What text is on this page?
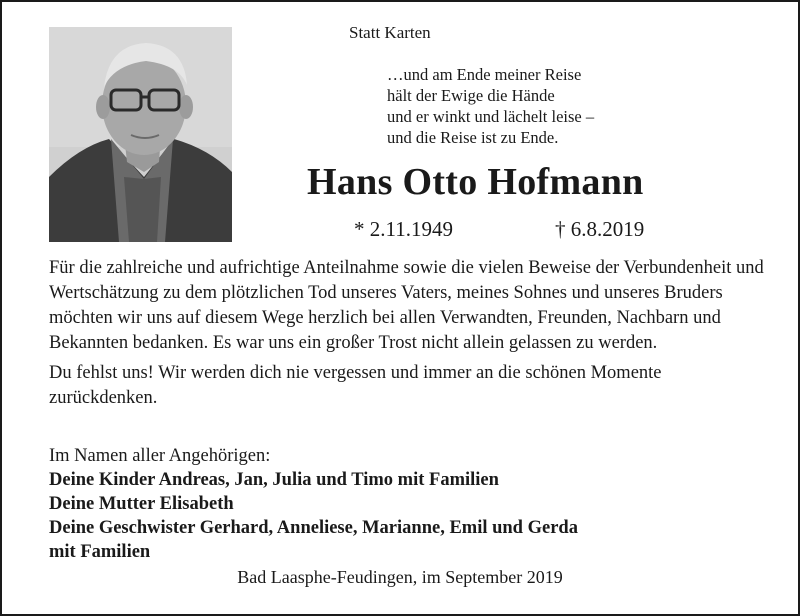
Statt Karten
…und am Ende meiner Reise
hält der Ewige die Hände
und er winkt und lächelt leise –
und die Reise ist zu Ende.
Hans Otto Hofmann
* 2.11.1949	† 6.8.2019

Für die zahlreiche und aufrichtige Anteilnahme sowie die vielen Beweise der Verbundenheit und Wertschätzung zu dem plötzlichen Tod unseres Vaters, meines Sohnes und unseres Bruders möchten wir uns auf diesem Wege herzlich bei allen Verwandten, Freunden, Nachbarn und Bekannten bedanken. Es war uns ein großer Trost nicht allein gelassen zu werden.

Du fehlst uns! Wir werden dich nie vergessen und immer an die schönen Momente zurückdenken.

Im Namen aller Angehörigen:
Deine Kinder Andreas, Jan, Julia und Timo mit Familien
Deine Mutter Elisabeth
Deine Geschwister Gerhard, Anneliese, Marianne, Emil und Gerda
mit Familien
Bad Laasphe-Feudingen, im September 2019
